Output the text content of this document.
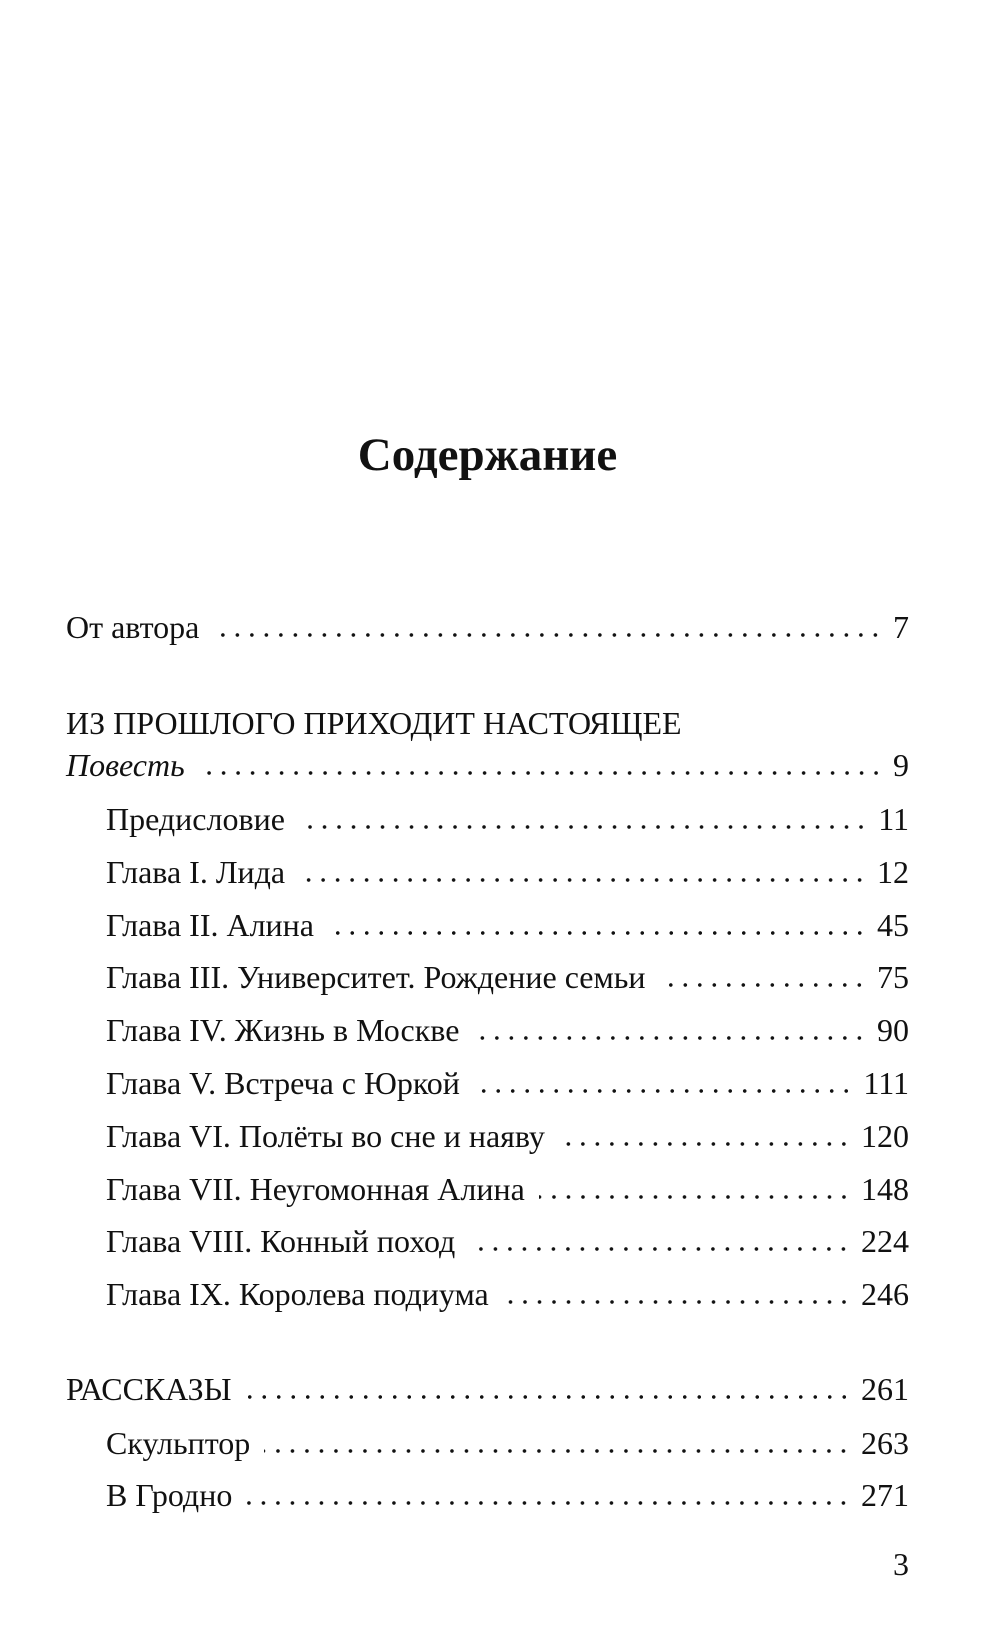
Содержание
От автора	7
ИЗ ПРОШЛОГО ПРИХОДИТ НАСТОЯЩЕЕ
Повесть	9
Предисловие	11
Глава I. Лида	12
Глава II. Алина	45
Глава III. Университет. Рождение семьи	75
Глава IV. Жизнь в Москве	90
Глава V. Встреча с Юркой	111
Глава VI. Полёты во сне и наяву	120
Глава VII. Неугомонная Алина	148
Глава VIII. Конный поход	224
Глава IX. Королева подиума	246
РАССКАЗЫ	261
Скульптор	263
В Гродно	271
3
